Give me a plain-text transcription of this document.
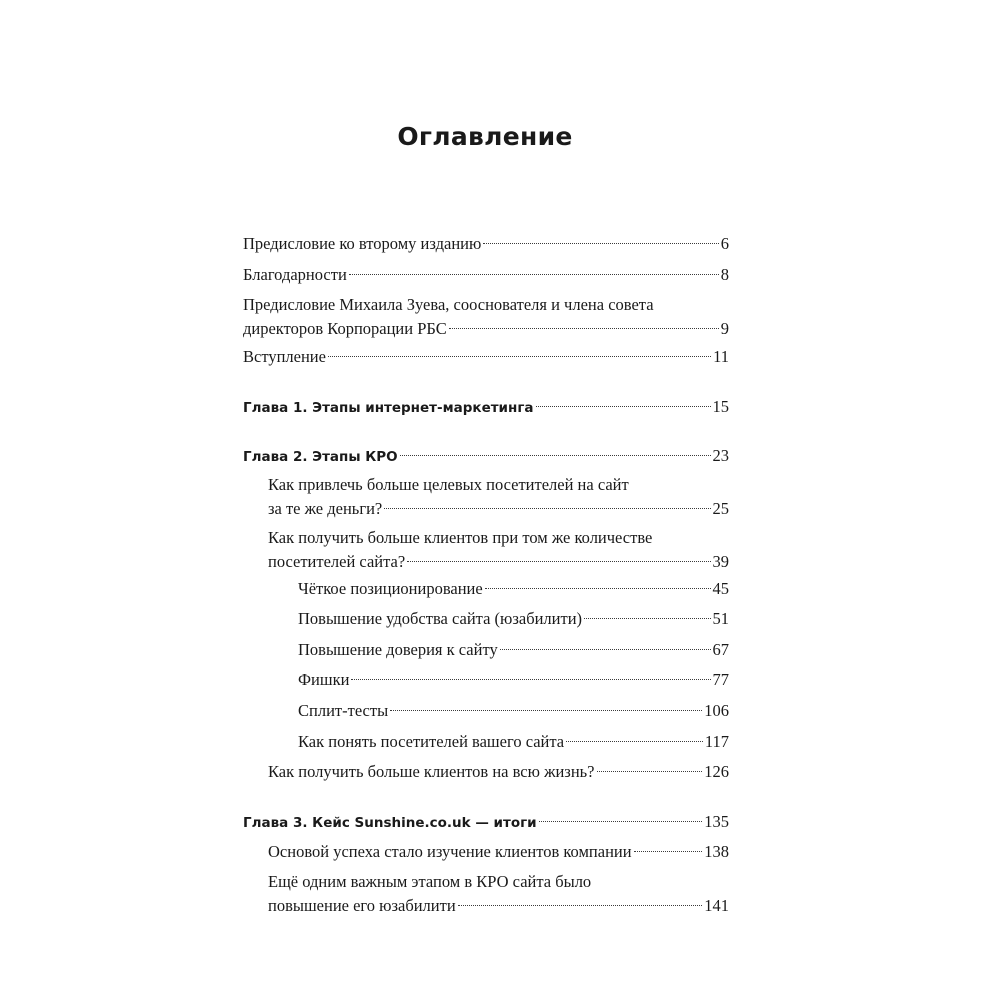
Оглавление
Предисловие ко второму изданию	6
Благодарности	8
Предисловие Михаила Зуева, сооснователя и члена совета
директоров Корпорации РБС	9
Вступление	11
Глава 1. Этапы интернет-маркетинга	15
Глава 2. Этапы КРО	23
Как привлечь больше целевых посетителей на сайт
за те же деньги?	25
Как получить больше клиентов при том же количестве
посетителей сайта?	39
Чёткое позиционирование	45
Повышение удобства сайта (юзабилити)	51
Повышение доверия к сайту	67
Фишки	77
Сплит-тесты	106
Как понять посетителей вашего сайта	117
Как получить больше клиентов на всю жизнь?	126
Глава 3. Кейс Sunshine.co.uk — итоги	135
Основой успеха стало изучение клиентов компании	138
Ещё одним важным этапом в КРО сайта было
повышение его юзабилити	141
